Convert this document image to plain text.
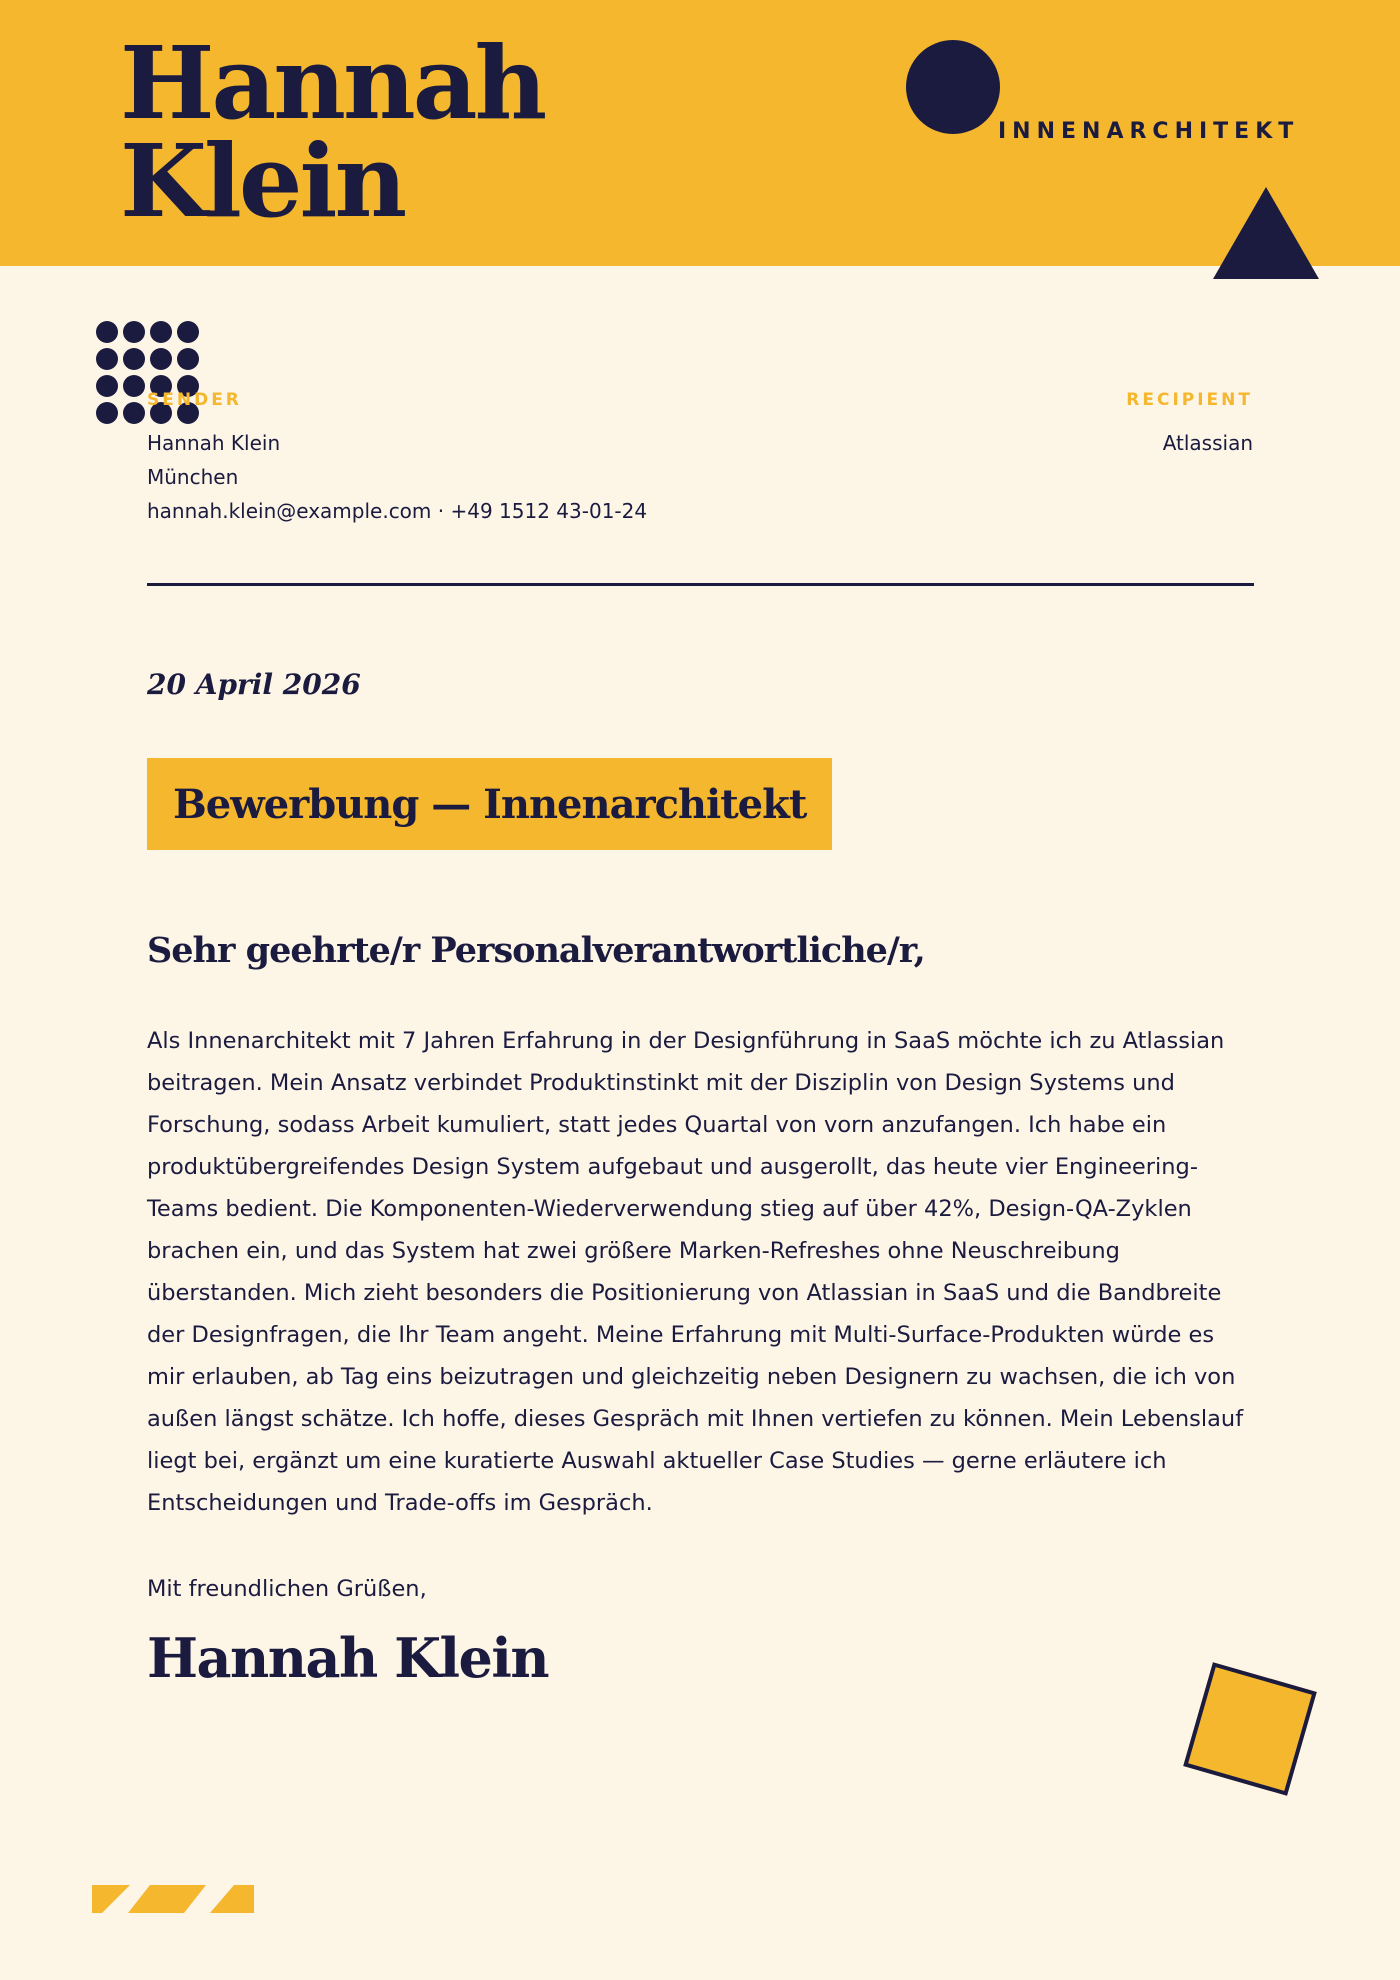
Hannah
Klein	INNENARCHITEKT
SENDER	RECIPIENT
Hannah Klein
München
hannah.klein@example.com · +49 1512 43-01-24
Atlassian
20 April 2026
Bewerbung — Innenarchitekt
Sehr geehrte/r Personalverantwortliche/r,

Als Innenarchitekt mit 7 Jahren Erfahrung in der Designführung in SaaS möchte ich zu Atlassian beitragen. Mein Ansatz verbindet Produktinstinkt mit der Disziplin von Design Systems und Forschung, sodass Arbeit kumuliert, statt jedes Quartal von vorn anzufangen. Ich habe ein produktübergreifendes Design System aufgebaut und ausgerollt, das heute vier Engineering-Teams bedient. Die Komponenten-Wiederverwendung stieg auf über 42%, Design-QA-Zyklen brachen ein, und das System hat zwei größere Marken-Refreshes ohne Neuschreibung überstanden. Mich zieht besonders die Positionierung von Atlassian in SaaS und die Bandbreite der Designfragen, die Ihr Team angeht. Meine Erfahrung mit Multi-Surface-Produkten würde es mir erlauben, ab Tag eins beizutragen und gleichzeitig neben Designern zu wachsen, die ich von außen längst schätze. Ich hoffe, dieses Gespräch mit Ihnen vertiefen zu können. Mein Lebenslauf liegt bei, ergänzt um eine kuratierte Auswahl aktueller Case Studies — gerne erläutere ich Entscheidungen und Trade-offs im Gespräch.

Mit freundlichen Grüßen,
Hannah Klein
